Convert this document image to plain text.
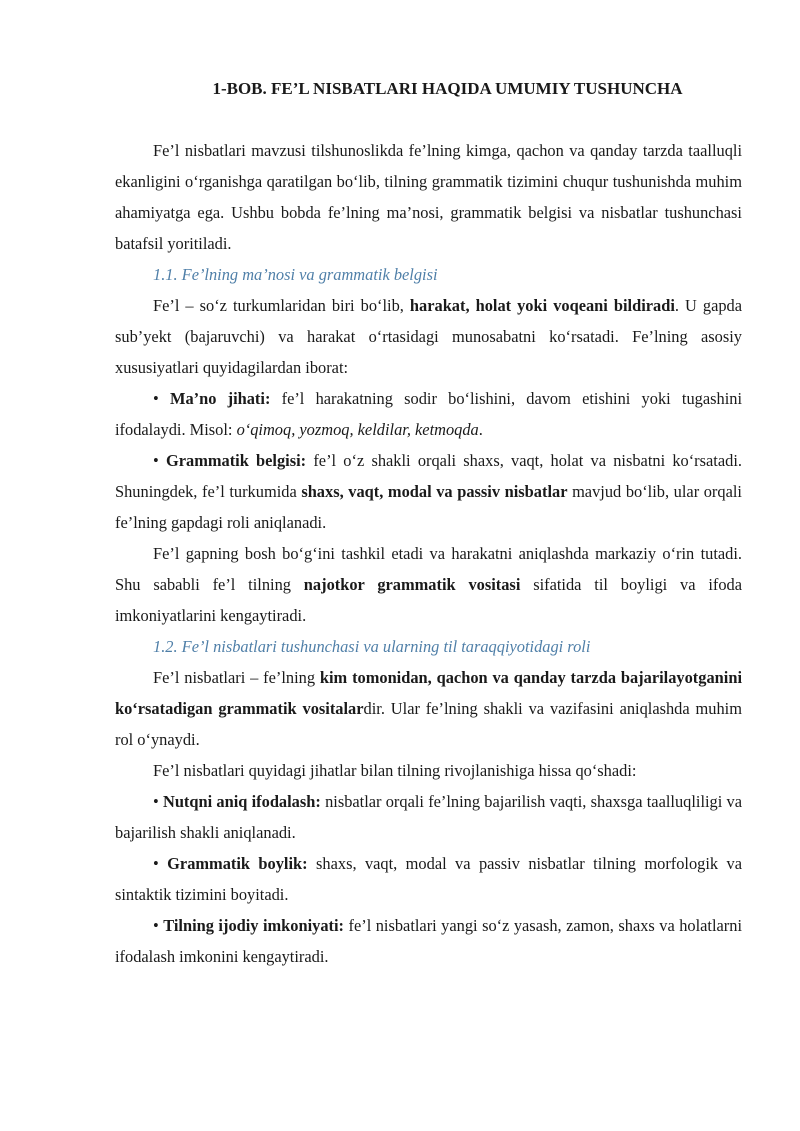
1-BOB. FE’L NISBATLARI HAQIDA UMUMIY TUSHUNCHA

Fe’l nisbatlari mavzusi tilshunoslikda fe’lning kimga, qachon va qanday tarzda taalluqli ekanligini o‘rganishga qaratilgan bo‘lib, tilning grammatik tizimini chuqur tushunishda muhim ahamiyatga ega. Ushbu bobda fe’lning ma’nosi, grammatik belgisi va nisbatlar tushunchasi batafsil yoritiladi.

1.1. Fe’lning ma’nosi va grammatik belgisi

Fe’l – so‘z turkumlaridan biri bo‘lib, harakat, holat yoki voqeani bildiradi. U gapda sub’yekt (bajaruvchi) va harakat o‘rtasidagi munosabatni ko‘rsatadi. Fe’lning asosiy xususiyatlari quyidagilardan iborat:

• Ma’no jihati: fe’l harakatning sodir bo‘lishini, davom etishini yoki tugashini ifodalaydi. Misol: o‘qimoq, yozmoq, keldilar, ketmoqda.

• Grammatik belgisi: fe’l o‘z shakli orqali shaxs, vaqt, holat va nisbatni ko‘rsatadi. Shuningdek, fe’l turkumida shaxs, vaqt, modal va passiv nisbatlar mavjud bo‘lib, ular orqali fe’lning gapdagi roli aniqlanadi.

Fe’l gapning bosh bo‘g‘ini tashkil etadi va harakatni aniqlashda markaziy o‘rin tutadi. Shu sababli fe’l tilning najotkor grammatik vositasi sifatida til boyligi va ifoda imkoniyatlarini kengaytiradi.

1.2. Fe’l nisbatlari tushunchasi va ularning til taraqqiyotidagi roli

Fe’l nisbatlari – fe’lning kim tomonidan, qachon va qanday tarzda bajarilayotganini ko‘rsatadigan grammatik vositalardir. Ular fe’lning shakli va vazifasini aniqlashda muhim rol o‘ynaydi.

Fe’l nisbatlari quyidagi jihatlar bilan tilning rivojlanishiga hissa qo‘shadi:

• Nutqni aniq ifodalash: nisbatlar orqali fe’lning bajarilish vaqti, shaxsga taalluqliligi va bajarilish shakli aniqlanadi.

• Grammatik boylik: shaxs, vaqt, modal va passiv nisbatlar tilning morfologik va sintaktik tizimini boyitadi.

• Tilning ijodiy imkoniyati: fe’l nisbatlari yangi so‘z yasash, zamon, shaxs va holatlarni ifodalash imkonini kengaytiradi.
